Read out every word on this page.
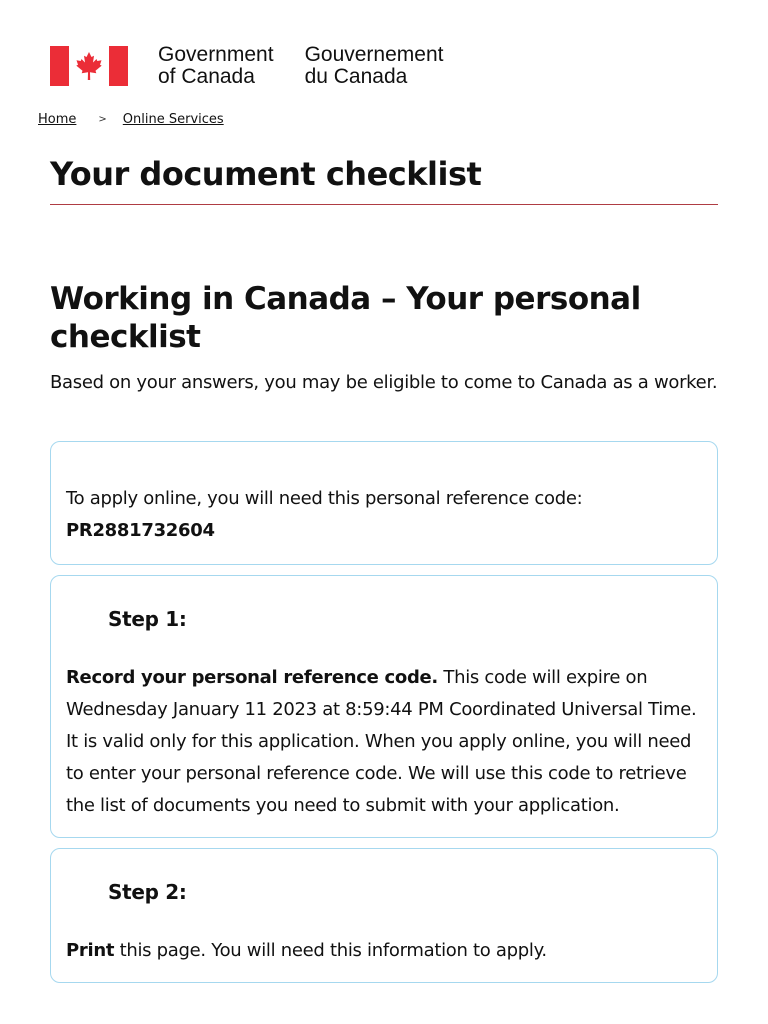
Government
of Canada
Gouvernement
du Canada
Home > Online Services
Your document checklist
Working in Canada – Your personal checklist

Based on your answers, you may be eligible to come to Canada as a worker.

To apply online, you will need this personal reference code:
PR2881732604
Step 1:
Record your personal reference code. This code will expire on Wednesday January 11 2023 at 8:59:44 PM Coordinated Universal Time. It is valid only for this application. When you apply online, you will need to enter your personal reference code. We will use this code to retrieve the list of documents you need to submit with your application.
Step 2:
Print this page. You will need this information to apply.
